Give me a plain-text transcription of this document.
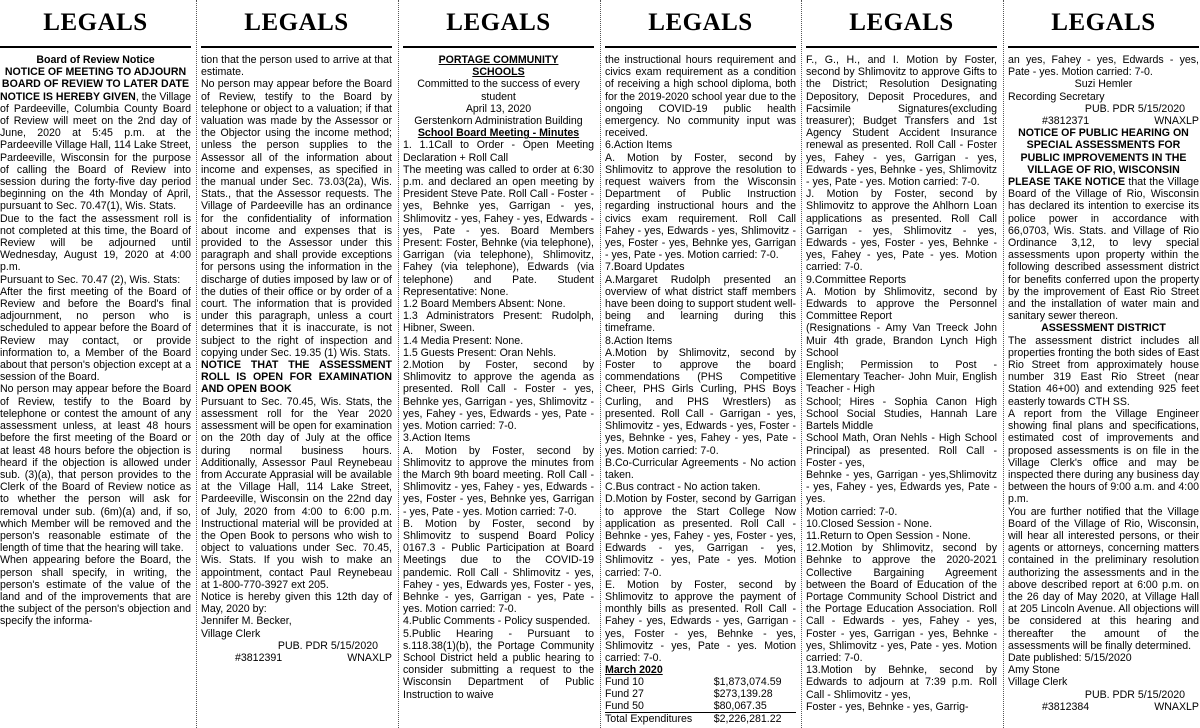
LEGALS

Board of Review Notice

NOTICE OF MEETING TO ADJOURN BOARD OF REVIEW TO LATER DATE

NOTICE IS HEREBY GIVEN, the Village of Pardeeville, Columbia County Board of Review will meet on the 2nd day of June, 2020 at 5:45 p.m. at the Pardeeville Village Hall, 114 Lake Street, Pardeeville, Wisconsin for the purpose of calling the Board of Review into session during the forty-five day period beginning on the 4th Monday of April, pursuant to Sec. 70.47(1), Wis. Stats.

Due to the fact the assessment roll is not completed at this time, the Board of Review will be adjourned until Wednesday, August 19, 2020 at 4:00 p.m.

Pursuant to Sec. 70.47 (2), Wis. Stats:

After the first meeting of the Board of Review and before the Board's final adjournment, no person who is scheduled to appear before the Board of Review may contact, or provide information to, a Member of the Board about that person's objection except at a session of the Board.

No person may appear before the Board of Review, testify to the Board by telephone or contest the amount of any assessment unless, at least 48 hours before the first meeting of the Board or at least 48 hours before the objection is heard if the objection is allowed under sub. (3)(a), that person provides to the Clerk of the Board of Review notice as to whether the person will ask for removal under sub. (6m)(a) and, if so, which Member will be removed and the person's reasonable estimate of the length of time that the hearing will take.

When appearing before the Board, the person shall specify, in writing, the person's estimate of the value of the land and of the improvements that are the subject of the person's objection and specify the informa-

LEGALS

tion that the person used to arrive at that estimate.

No person may appear before the Board of Review, testify to the Board by telephone or object to a valuation; if that valuation was made by the Assessor or the Objector using the income method; unless the person supplies to the Assessor all of the information about income and expenses, as specified in the manual under Sec. 73.03(2a), Wis. Stats., that the Assessor requests. The Village of Pardeeville has an ordinance for the confidentiality of information about income and expenses that is provided to the Assessor under this paragraph and shall provide exceptions for persons using the information in the discharge of duties imposed by law or of the duties of their office or by order of a court. The information that is provided under this paragraph, unless a court determines that it is inaccurate, is not subject to the right of inspection and copying under Sec. 19.35 (1) Wis. Stats.

NOTICE THAT THE ASSESSMENT ROLL IS OPEN FOR EXAMINATION AND OPEN BOOK

Pursuant to Sec. 70.45, Wis. Stats, the assessment roll for the Year 2020 assessment will be open for examination on the 20th day of July at the office during normal business hours. Additionally, Assessor Paul Reynebeau from Accurate Apprasial will be available at the Village Hall, 114 Lake Street, Pardeeville, Wisconsin on the 22nd day of July, 2020 from 4:00 to 6:00 p.m. Instructional material will be provided at the Open Book to persons who wish to object to valuations under Sec. 70.45, Wis. Stats. If you wish to make an appointment, contact Paul Reynebeau at 1-800-770-3927 ext 205.

Notice is hereby given this 12th day of May, 2020 by:

Jennifer M. Becker,

Village Clerk

PUB. PDR 5/15/2020

#3812391	WNAXLP
LEGALS

PORTAGE COMMUNITY

SCHOOLS

Committed to the success of every student

April 13, 2020

Gerstenkorn Administration Building

School Board Meeting - Minutes

1. 1.1Call to Order - Open Meeting Declaration + Roll Call

The meeting was called to order at 6:30 p.m. and declared an open meeting by President Steve Pate. Roll Call - Foster - yes, Behnke yes, Garrigan - yes, Shlimovitz - yes, Fahey - yes, Edwards - yes, Pate - yes. Board Members Present: Foster, Behnke (via telephone), Garrigan (via telephone), Shlimovitz, Fahey (via telephone), Edwards (via telephone) and Pate. Student Representative: None.

1.2 Board Members Absent: None.

1.3 Administrators Present: Rudolph, Hibner, Sween.

1.4 Media Present: None.

1.5 Guests Present: Oran Nehls.

2.Motion by Foster, second by Shlimovitz to approve the agenda as presented. Roll Call - Foster - yes, Behnke yes, Garrigan - yes, Shlimovitz - yes, Fahey - yes, Edwards - yes, Pate - yes. Motion carried: 7-0.

3.Action Items

A. Motion by Foster, second by Shlimovitz to approve the minutes from the March 9th board meeting. Roll Call - Shlimovitz - yes, Fahey - yes, Edwards - yes, Foster - yes, Behnke yes, Garrigan - yes, Pate - yes. Motion carried: 7-0.

B. Motion by Foster, second by Shlimovitz to suspend Board Policy 0167.3 - Public Participation at Board Meetings due to the COVID-19 pandemic. Roll Call - Shlimovitz - yes, Fahey - yes, Edwards yes, Foster - yes, Behnke - yes, Garrigan - yes, Pate - yes. Motion carried: 7-0.

4.Public Comments - Policy suspended.

5.Public Hearing - Pursuant to s.118.38(1)(b), the Portage Community School District held a public hearing to consider submitting a request to the Wisconsin Department of Public Instruction to waive

LEGALS

the instructional hours requirement and civics exam requirement as a condition of receiving a high school diploma, both for the 2019-2020 school year due to the ongoing COVID-19 public health emergency. No community input was received.

6.Action Items

A. Motion by Foster, second by Shlimovitz to approve the resolution to request waivers from the Wisconsin Department of Public Instruction regarding instructional hours and the civics exam requirement. Roll Call Fahey - yes, Edwards - yes, Shlimovitz - yes, Foster - yes, Behnke yes, Garrigan - yes, Pate - yes. Motion carried: 7-0.

7.Board Updates

A.Margaret Rudolph presented an overview of what district staff members have been doing to support student well-being and learning during this timeframe.

8.Action Items

A.Motion by Shlimovitz, second by Foster to approve the board commendations (PHS Competitive Cheer, PHS Girls Curling, PHS Boys Curling, and PHS Wrestlers) as presented. Roll Call - Garrigan - yes, Shlimovitz - yes, Edwards - yes, Foster - yes, Behnke - yes, Fahey - yes, Pate - yes. Motion carried: 7-0.

B.Co-Curricular Agreements - No action taken.

C.Bus contract - No action taken.

D.Motion by Foster, second by Garrigan to approve the Start College Now application as presented. Roll Call - Behnke - yes, Fahey - yes, Foster - yes, Edwards - yes, Garrigan - yes, Shlimovitz - yes, Pate - yes. Motion carried: 7-0.

E. Motion by Foster, second by Shlimovitz to approve the payment of monthly bills as presented. Roll Call - Fahey - yes, Edwards - yes, Garrigan - yes, Foster - yes, Behnke - yes, Shlimovitz - yes, Pate - yes. Motion carried: 7-0.

March 2020

Fund 10	$1,873,074.59
Fund 27	$273,139.28
Fund 50	$80,067.35
Total Expenditures	$2,226,281.22
LEGALS

F., G., H., and I. Motion by Foster, second by Shlimovitz to approve Gifts to the District; Resolution Designating Depository, Deposit Procedures, and Facsimile Signatures(excluding treasurer); Budget Transfers and 1st Agency Student Accident Insurance renewal as presented. Roll Call - Foster yes, Fahey - yes, Garrigan - yes, Edwards - yes, Behnke - yes, Shlimovitz - yes, Pate - yes. Motion carried: 7-0.

J. Motion by Foster, second by Shlimovitz to approve the Ahlhorn Loan applications as presented. Roll Call Garrigan - yes, Shlimovitz - yes, Edwards - yes, Foster - yes, Behnke - yes, Fahey - yes, Pate - yes. Motion carried: 7-0.

9.Committee Reports

A. Motion by Shlimovitz, second by Edwards to approve the Personnel Committee Report

(Resignations - Amy Van Treeck John Muir 4th grade, Brandon Lynch High School

English; Permission to Post - Elementary Teacher- John Muir, English Teacher - High

School; Hires - Sophia Canon High School Social Studies, Hannah Lare Bartels Middle

School Math, Oran Nehls - High School Principal) as presented. Roll Call - Foster - yes,

Behnke - yes, Garrigan - yes,Shlimovitz - yes, Fahey - yes, Edwards yes, Pate - yes.

Motion carried: 7-0.

10.Closed Session - None.

11.Return to Open Session - None.

12.Motion by Shlimovitz, second by Behnke to approve the 2020-2021 Collective Bargaining Agreement between the Board of Education of the Portage Community School District and the Portage Education Association. Roll Call - Edwards - yes, Fahey - yes, Foster - yes, Garrigan - yes, Behnke - yes, Shlimovitz - yes, Pate - yes. Motion carried: 7-0.

13.Motion by Behnke, second by Edwards to adjourn at 7:39 p.m. Roll Call - Shlimovitz - yes,

Foster - yes, Behnke - yes, Garrig-

LEGALS

an yes, Fahey - yes, Edwards - yes, Pate - yes. Motion carried: 7-0.

Suzi Hemler

Recording Secretary

PUB. PDR 5/15/2020

#3812371	WNAXLP

NOTICE OF PUBLIC HEARING ON SPECIAL ASSESSMENTS FOR PUBLIC IMPROVEMENTS IN THE VILLAGE OF RIO, WISCONSIN

PLEASE TAKE NOTICE that the Village Board of the Village of Rio, Wisconsin has declared its intention to exercise its police power in accordance with 66,0703, Wis. Stats. and Village of Rio Ordinance 3,12, to levy special assessments upon property within the following described assessment district for benefits conferred upon the property by the improvement of East Rio Street and the installation of water main and sanitary sewer thereon.

ASSESSMENT DISTRICT

The assessment district includes all properties fronting the both sides of East Rio Street from approximately house number 319 East Rio Street (near Station 46+00) and extending 925 feet easterly towards CTH SS.

A report from the Village Engineer showing final plans and specifications, estimated cost of improvements and proposed assessments is on file in the Village Clerk's office and may be inspected there during any business day between the hours of 9:00 a.m. and 4:00 p.m.

You are further notified that the Village Board of the Village of Rio, Wisconsin, will hear all interested persons, or their agents or attorneys, concerning matters contained in the preliminary resolution authorizing the assessments and in the above described report at 6:00 p.m. on the 26 day of May 2020, at Village Hall at 205 Lincoln Avenue. All objections will be considered at this hearing and thereafter the amount of the assessments will be finally determined.

Date published: 5/15/2020

Amy Stone

Village Clerk

PUB. PDR 5/15/2020

#3812384	WNAXLP
